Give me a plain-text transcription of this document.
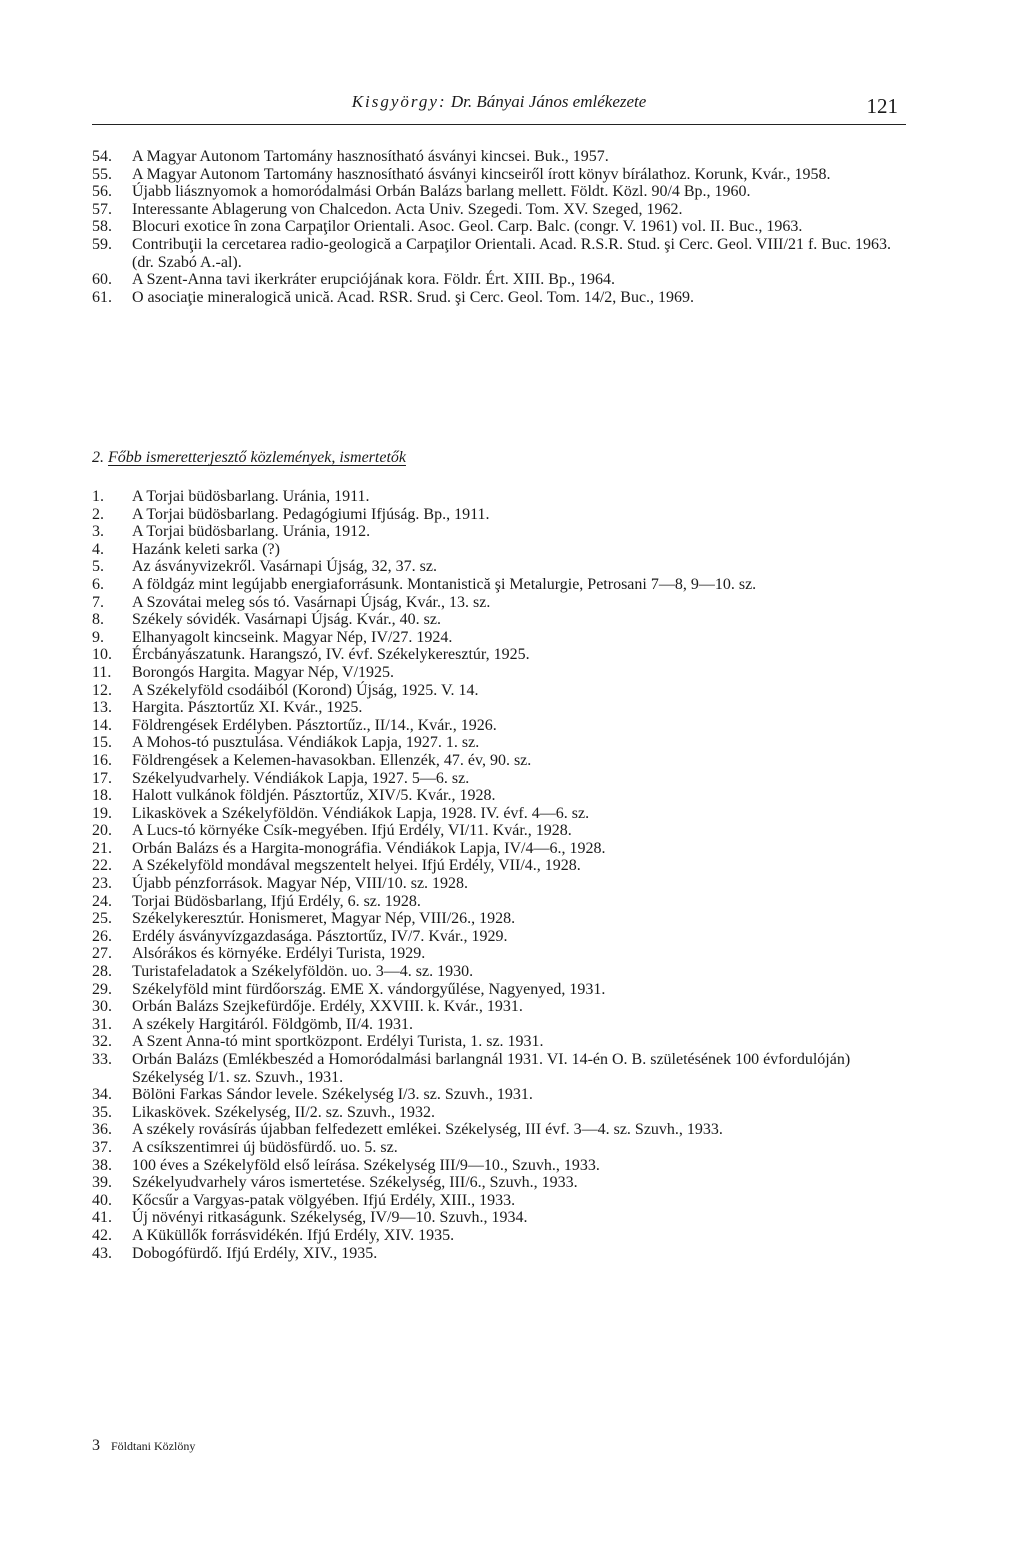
Kisgyörgy: Dr. Bányai János emlékezete	121
54.	A Magyar Autonom Tartomány hasznosítható ásványi kincsei. Buk., 1957.
55.	A Magyar Autonom Tartomány hasznosítható ásványi kincseiről írott könyv bírálathoz. Korunk, Kvár., 1958.
56.	Újabb liásznyomok a homoródalmási Orbán Balázs barlang mellett. Földt. Közl. 90/4 Bp., 1960.
57.	Interessante Ablagerung von Chalcedon. Acta Univ. Szegedi. Tom. XV. Szeged, 1962.
58.	Blocuri exotice în zona Carpaţilor Orientali. Asoc. Geol. Carp. Balc. (congr. V. 1961) vol. II. Buc., 1963.
59.	Contribuţii la cercetarea radio-geologică a Carpaţilor Orientali. Acad. R.S.R. Stud. şi Cerc. Geol. VIII/21 f. Buc. 1963. (dr. Szabó A.-al).
60.	A Szent-Anna tavi ikerkráter erupciójának kora. Földr. Ért. XIII. Bp., 1964.
61.	O asociaţie mineralogică unică. Acad. RSR. Srud. şi Cerc. Geol. Tom. 14/2, Buc., 1969.
2. Főbb ismeretterjesztő közlemények, ismertetők
1.	A Torjai büdösbarlang. Uránia, 1911.
2.	A Torjai büdösbarlang. Pedagógiumi Ifjúság. Bp., 1911.
3.	A Torjai büdösbarlang. Uránia, 1912.
4.	Hazánk keleti sarka (?)
5.	Az ásványvizekről. Vasárnapi Újság, 32, 37. sz.
6.	A földgáz mint legújabb energiaforrásunk. Montanistică şi Metalurgie, Petrosani 7—8, 9—10. sz.
7.	A Szovátai meleg sós tó. Vasárnapi Újság, Kvár., 13. sz.
8.	Székely sóvidék. Vasárnapi Újság. Kvár., 40. sz.
9.	Elhanyagolt kincseink. Magyar Nép, IV/27. 1924.
10.	Ércbányászatunk. Harangszó, IV. évf. Székelykeresztúr, 1925.
11.	Borongós Hargita. Magyar Nép, V/1925.
12.	A Székelyföld csodáiból (Korond) Újság, 1925. V. 14.
13.	Hargita. Pásztortűz XI. Kvár., 1925.
14.	Földrengések Erdélyben. Pásztortűz., II/14., Kvár., 1926.
15.	A Mohos-tó pusztulása. Véndiákok Lapja, 1927. 1. sz.
16.	Földrengések a Kelemen-havasokban. Ellenzék, 47. év, 90. sz.
17.	Székelyudvarhely. Véndiákok Lapja, 1927. 5—6. sz.
18.	Halott vulkánok földjén. Pásztortűz, XIV/5. Kvár., 1928.
19.	Likaskövek a Székelyföldön. Véndiákok Lapja, 1928. IV. évf. 4—6. sz.
20.	A Lucs-tó környéke Csík-megyében. Ifjú Erdély, VI/11. Kvár., 1928.
21.	Orbán Balázs és a Hargita-monográfia. Véndiákok Lapja, IV/4—6., 1928.
22.	A Székelyföld mondával megszentelt helyei. Ifjú Erdély, VII/4., 1928.
23.	Újabb pénzforrások. Magyar Nép, VIII/10. sz. 1928.
24.	Torjai Büdösbarlang, Ifjú Erdély, 6. sz. 1928.
25.	Székelykeresztúr. Honismeret, Magyar Nép, VIII/26., 1928.
26.	Erdély ásványvízgazdasága. Pásztortűz, IV/7. Kvár., 1929.
27.	Alsórákos és környéke. Erdélyi Turista, 1929.
28.	Turistafeladatok a Székelyföldön. uo. 3—4. sz. 1930.
29.	Székelyföld mint fürdőország. EME X. vándorgyűlése, Nagyenyed, 1931.
30.	Orbán Balázs Szejkefürdője. Erdély, XXVIII. k. Kvár., 1931.
31.	A székely Hargitáról. Földgömb, II/4. 1931.
32.	A Szent Anna-tó mint sportközpont. Erdélyi Turista, 1. sz. 1931.
33.	Orbán Balázs (Emlékbeszéd a Homoródalmási barlangnál 1931. VI. 14-én O. B. születésének 100 évfordulóján) Székelység I/1. sz. Szuvh., 1931.
34.	Bölöni Farkas Sándor levele. Székelység I/3. sz. Szuvh., 1931.
35.	Likaskövek. Székelység, II/2. sz. Szuvh., 1932.
36.	A székely rovásírás újabban felfedezett emlékei. Székelység, III évf. 3—4. sz. Szuvh., 1933.
37.	A csíkszentimrei új büdösfürdő. uo. 5. sz.
38.	100 éves a Székelyföld első leírása. Székelység III/9—10., Szuvh., 1933.
39.	Székelyudvarhely város ismertetése. Székelység, III/6., Szuvh., 1933.
40.	Kőcsűr a Vargyas-patak völgyében. Ifjú Erdély, XIII., 1933.
41.	Új növényi ritkaságunk. Székelység, IV/9—10. Szuvh., 1934.
42.	A Küküllők forrásvidékén. Ifjú Erdély, XIV. 1935.
43.	Dobogófürdő. Ifjú Erdély, XIV., 1935.
3 Földtani Közlöny
